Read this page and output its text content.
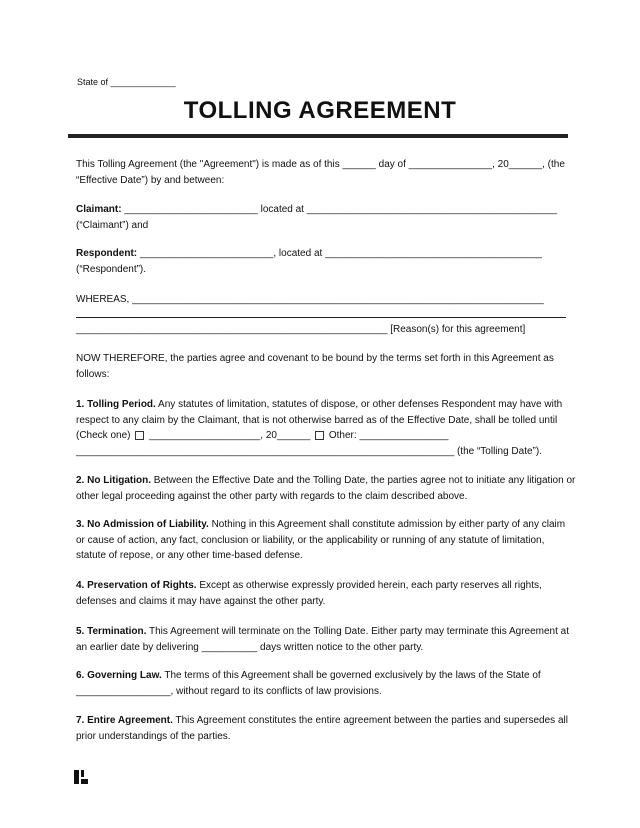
State of _____________
TOLLING AGREEMENT
This Tolling Agreement (the "Agreement") is made as of this ______ day of _______________, 20______, (the “Effective Date”) by and between:
Claimant: ________________________ located at _____________________________________________ (“Claimant”) and
Respondent: ________________________, located at _______________________________________ (“Respondent”).
WHEREAS, __________________________________________________________________________
________________________________________________________ [Reason(s) for this agreement]
NOW THEREFORE, the parties agree and covenant to be bound by the terms set forth in this Agreement as follows:
1. Tolling Period. Any statutes of limitation, statutes of dispose, or other defenses Respondent may have with respect to any claim by the Claimant, that is not otherwise barred as of the Effective Date, shall be tolled until (Check one)  ____________________, 20______  Other: ________________
____________________________________________________________________ (the “Tolling Date”).
2. No Litigation. Between the Effective Date and the Tolling Date, the parties agree not to initiate any litigation or other legal proceeding against the other party with regards to the claim described above.
3. No Admission of Liability. Nothing in this Agreement shall constitute admission by either party of any claim or cause of action, any fact, conclusion or liability, or the applicability or running of any statute of limitation, statute of repose, or any other time-based defense.
4. Preservation of Rights. Except as otherwise expressly provided herein, each party reserves all rights, defenses and claims it may have against the other party.
5. Termination. This Agreement will terminate on the Tolling Date. Either party may terminate this Agreement at an earlier date by delivering __________ days written notice to the other party.
6. Governing Law. The terms of this Agreement shall be governed exclusively by the laws of the State of _________________, without regard to its conflicts of law provisions.
7. Entire Agreement. This Agreement constitutes the entire agreement between the parties and supersedes all prior understandings of the parties.
